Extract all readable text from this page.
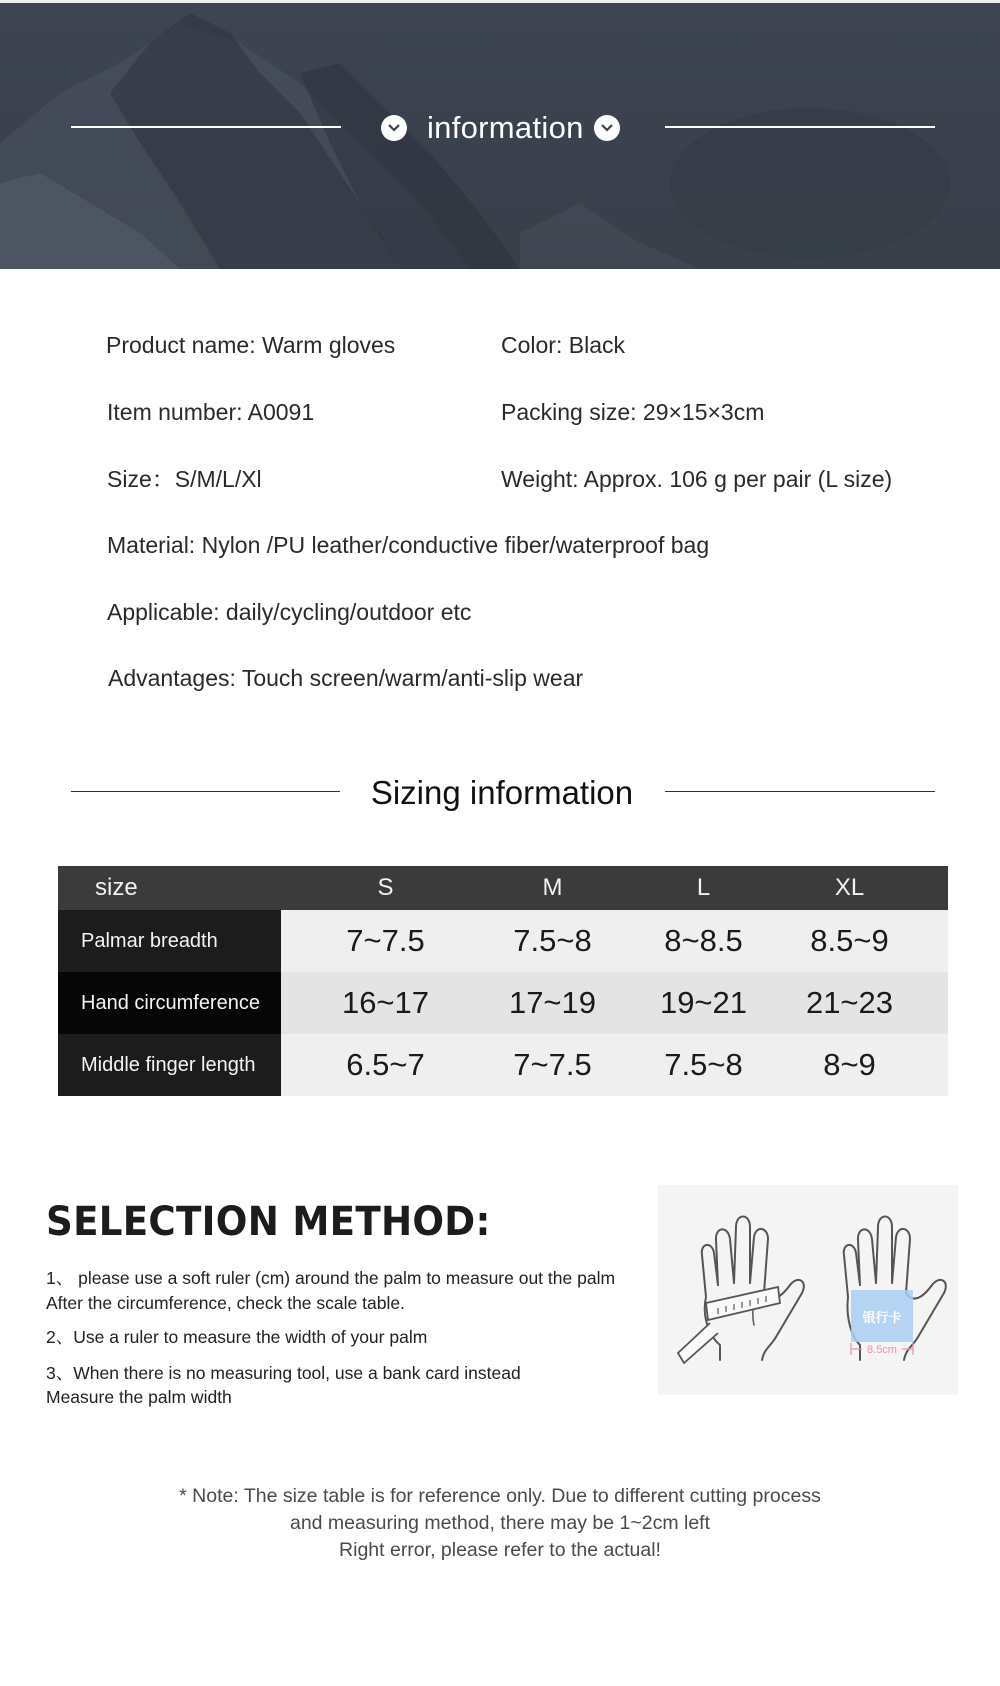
information
Product name: Warm gloves	Color: Black
Item number: A0091	Packing size: 29×15×3cm
Size：S/M/L/Xl	Weight: Approx. 106 g per pair (L size)
Material: Nylon /PU leather/conductive fiber/waterproof bag
Applicable: daily/cycling/outdoor etc
Advantages: Touch screen/warm/anti-slip wear
Sizing information
size	S	M	L	XL
Palmar breadth	7~7.5	7.5~8	8~8.5	8.5~9
Hand circumference	16~17	17~19	19~21	21~23
Middle finger length	6.5~7	7~7.5	7.5~8	8~9
SELECTION METHOD:
1、 please use a soft ruler (cm) around the palm to measure out the palm
After the circumference, check the scale table.
2、Use a ruler to measure the width of your palm
3、When there is no measuring tool, use a bank card instead
Measure the palm width
银行卡
8.5cm
* Note: The size table is for reference only. Due to different cutting process
and measuring method, there may be 1~2cm left
Right error, please refer to the actual!
